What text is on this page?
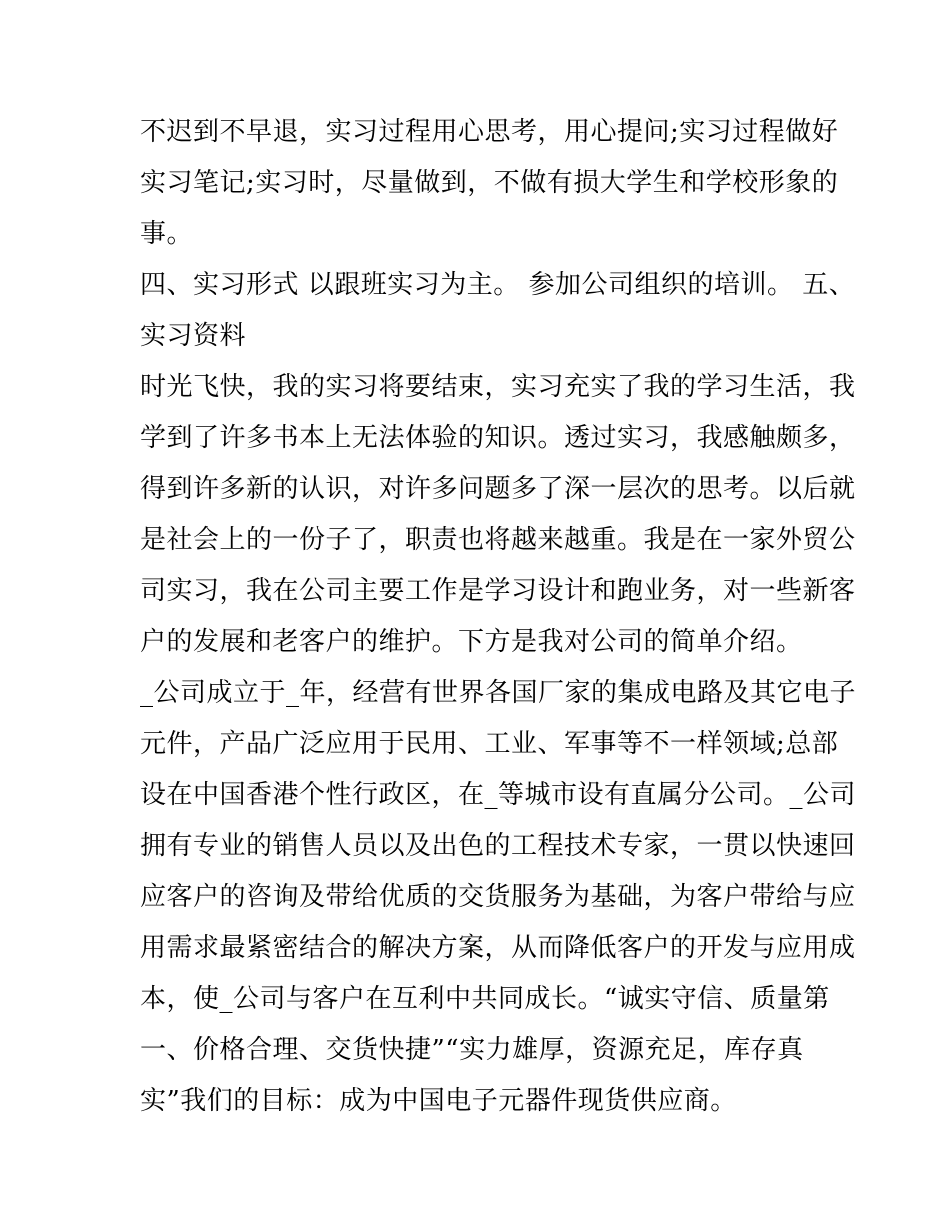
不迟到不早退，实习过程用心思考，用心提问;实习过程做好
实习笔记;实习时，尽量做到，不做有损大学生和学校形象的
事。
四、实习形式 以跟班实习为主。 参加公司组织的培训。 五、
实习资料
时光飞快，我的实习将要结束，实习充实了我的学习生活，我
学到了许多书本上无法体验的知识。透过实习，我感触颇多，
得到许多新的认识，对许多问题多了深一层次的思考。以后就
是社会上的一份子了，职责也将越来越重。我是在一家外贸公
司实习，我在公司主要工作是学习设计和跑业务，对一些新客
户的发展和老客户的维护。下方是我对公司的简单介绍。
_公司成立于_年，经营有世界各国厂家的集成电路及其它电子
元件，产品广泛应用于民用、工业、军事等不一样领域;总部
设在中国香港个性行政区，在_等城市设有直属分公司。_公司
拥有专业的销售人员以及出色的工程技术专家，一贯以快速回
应客户的咨询及带给优质的交货服务为基础，为客户带给与应
用需求最紧密结合的解决方案，从而降低客户的开发与应用成
本，使_公司与客户在互利中共同成长。“诚实守信、质量第
一、价格合理、交货快捷”“实力雄厚，资源充足，库存真
实”我们的目标：成为中国电子元器件现货供应商。
